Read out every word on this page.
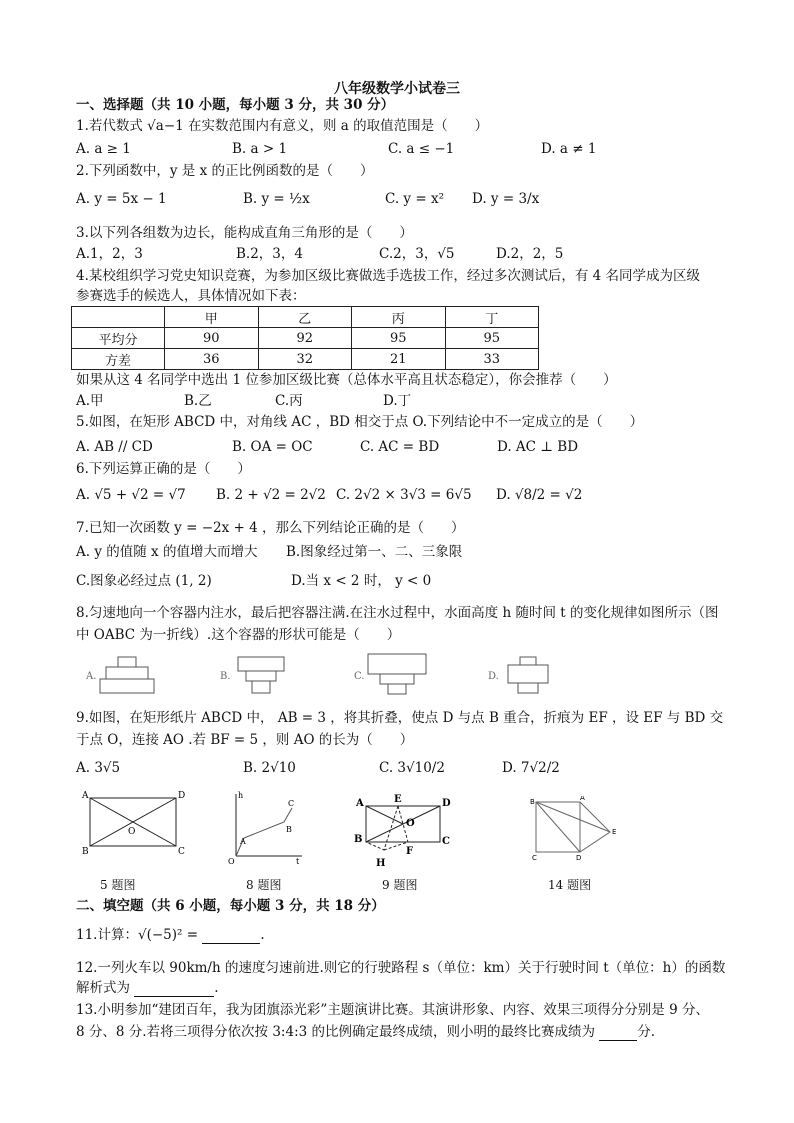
八年级数学小试卷三
一、选择题（共 10 小题，每小题 3 分，共 30 分）
1.若代数式 √a−1 在实数范围内有意义，则 a 的取值范围是（　　）
A. a ≥ 1	B. a > 1	C. a ≤ −1	D. a ≠ 1
2.下列函数中，y 是 x 的正比例函数的是（　　）
A. y = 5x − 1	B. y = ½x	C. y = x² D. y = 3/x
3.以下列各组数为边长，能构成直角三角形的是（　　）
A.1，2，3	B.2，3，4	C.2，3，√5	D.2，2，5
4.某校组织学习党史知识竞赛，为参加区级比赛做选手选拔工作，经过多次测试后，有 4 名同学成为区级
参赛选手的候选人，具体情况如下表：
	甲	乙	丙	丁
平均分	90	92	95	95
方差	36	32	21	33
如果从这 4 名同学中选出 1 位参加区级比赛（总体水平高且状态稳定），你会推荐（　　）
A.甲	B.乙	C.丙	D.丁
5.如图，在矩形 ABCD 中，对角线 AC ，BD 相交于点 O.下列结论中不一定成立的是（　　）
A. AB // CD	B. OA = OC	C. AC = BD	D. AC ⊥ BD
6.下列运算正确的是（　　）
A. √5 + √2 = √7 B. 2 + √2 = 2√2 C. 2√2 × 3√3 = 6√5 D. √8/2 = √2
7.已知一次函数 y = −2x + 4 ，那么下列结论正确的是（　　）
A. y 的值随 x 的值增大而增大 B.图象经过第一、二、三象限
C.图象必经过点 (1, 2)	D.当 x < 2 时， y < 0
8.匀速地向一个容器内注水，最后把容器注满.在注水过程中，水面高度 h 随时间 t 的变化规律如图所示（图
中 OABC 为一折线）.这个容器的形状可能是（　　）
A.	B.	C.	D.
9.如图，在矩形纸片 ABCD 中， AB = 3 ，将其折叠，使点 D 与点 B 重合，折痕为 EF ，设 EF 与 BD 交
于点 O，连接 AO .若 BF = 5 ，则 AO 的长为（　　）
A. 3√5	B. 2√10	C. 3√10/2	D. 7√2/2
A	D
B	C
O
5 题图
h
C
B
A
O	t
8 题图
A	E	D
O
B
F
C
H
9 题图
B	A
E
C	D
14 题图
二、填空题（共 6 小题，每小题 3 分，共 18 分）
11.计算：√(−5)² =	.
12.一列火车以 90km/h 的速度匀速前进.则它的行驶路程 s（单位：km）关于行驶时间 t（单位：h）的函数
解析式为	.
13.小明参加“建团百年，我为团旗添光彩”主题演讲比赛。其演讲形象、内容、效果三项得分分别是 9 分、
8 分、8 分.若将三项得分依次按 3:4:3 的比例确定最终成绩，则小明的最终比赛成绩为	分.
